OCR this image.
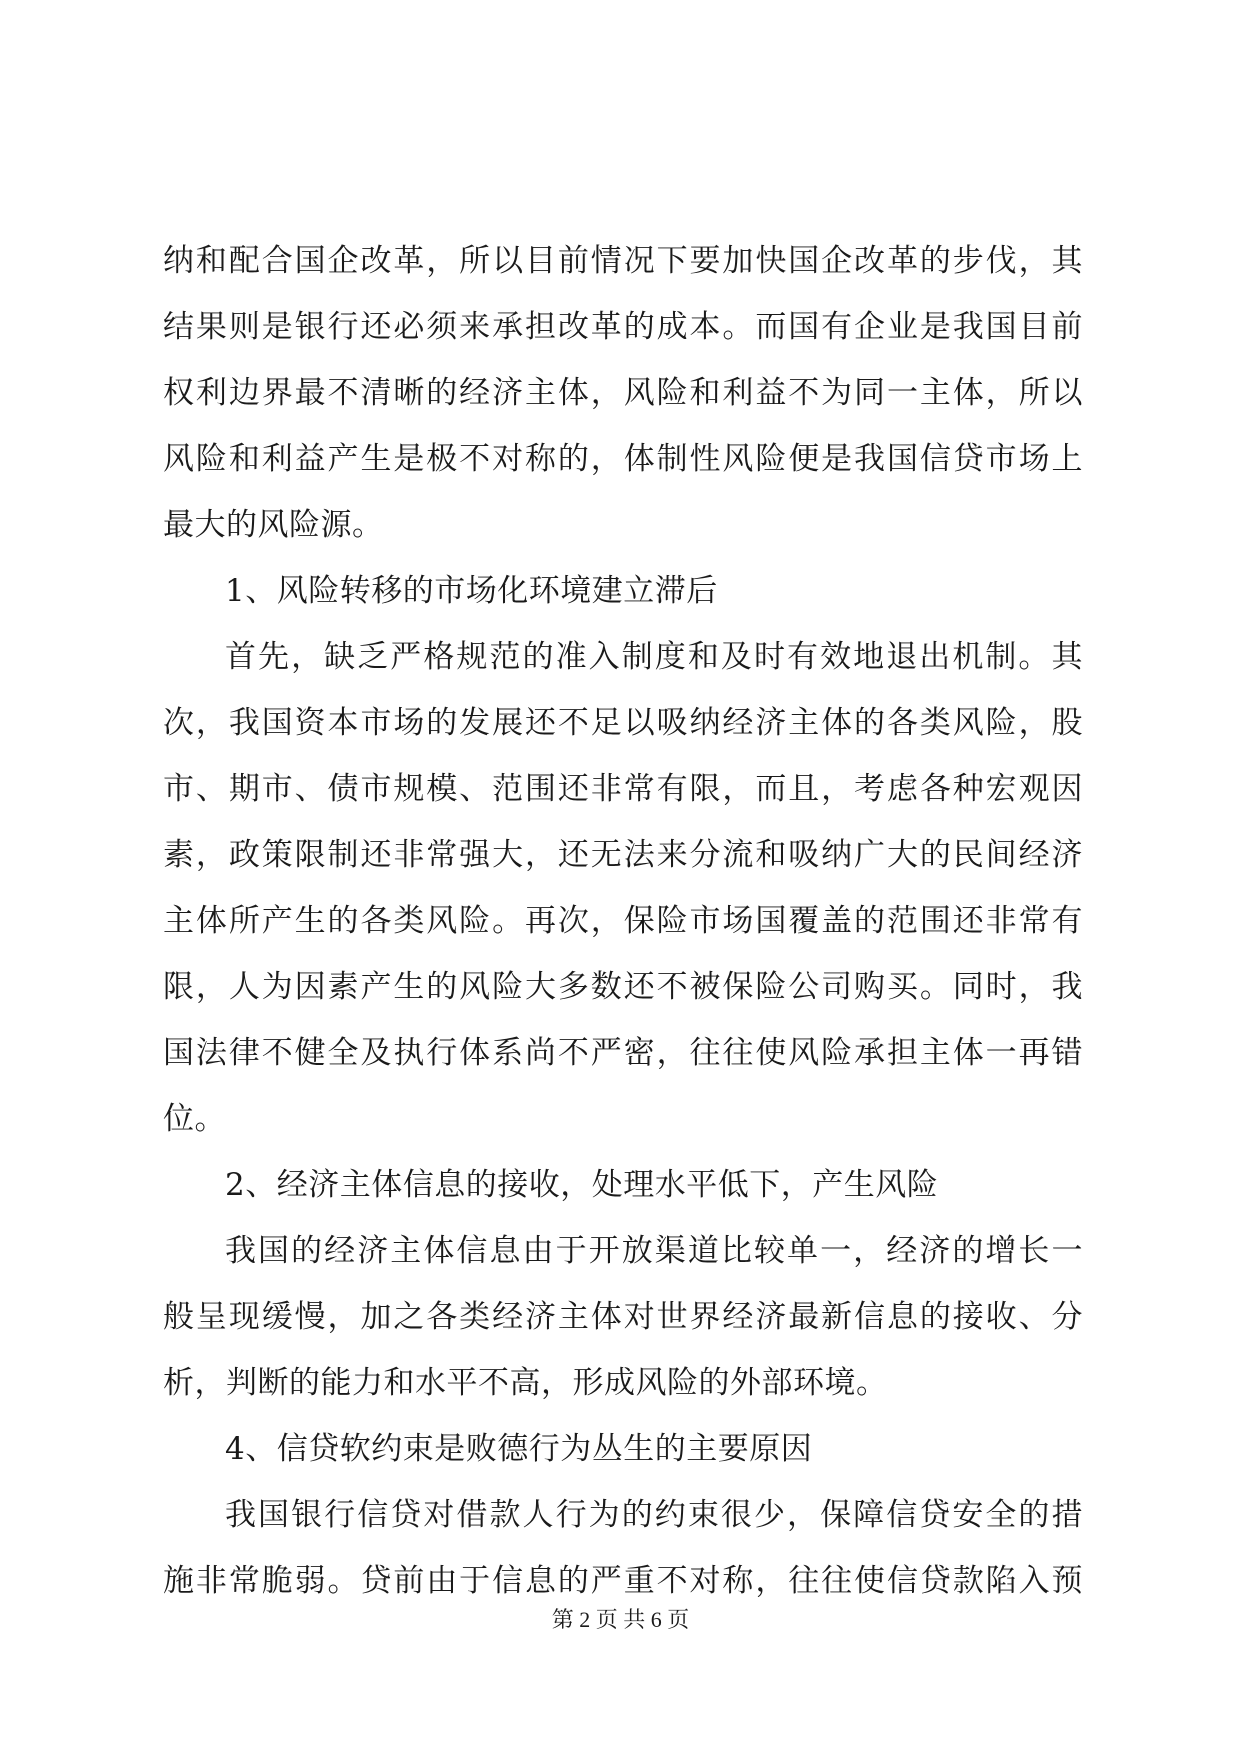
纳和配合国企改革，所以目前情况下要加快国企改革的步伐，其
结果则是银行还必须来承担改革的成本。而国有企业是我国目前
权利边界最不清晰的经济主体，风险和利益不为同一主体，所以
风险和利益产生是极不对称的，体制性风险便是我国信贷市场上
最大的风险源。
1、风险转移的市场化环境建立滞后
首先，缺乏严格规范的准入制度和及时有效地退出机制。其
次，我国资本市场的发展还不足以吸纳经济主体的各类风险，股
市、期市、债市规模、范围还非常有限，而且，考虑各种宏观因
素，政策限制还非常强大，还无法来分流和吸纳广大的民间经济
主体所产生的各类风险。再次，保险市场国覆盖的范围还非常有
限，人为因素产生的风险大多数还不被保险公司购买。同时，我
国法律不健全及执行体系尚不严密，往往使风险承担主体一再错
位。
2、经济主体信息的接收，处理水平低下，产生风险
我国的经济主体信息由于开放渠道比较单一，经济的增长一
般呈现缓慢，加之各类经济主体对世界经济最新信息的接收、分
析，判断的能力和水平不高，形成风险的外部环境。
4、信贷软约束是败德行为丛生的主要原因
我国银行信贷对借款人行为的约束很少，保障信贷安全的措
施非常脆弱。贷前由于信息的严重不对称，往往使信贷款陷入预
第 2 页 共 6 页
